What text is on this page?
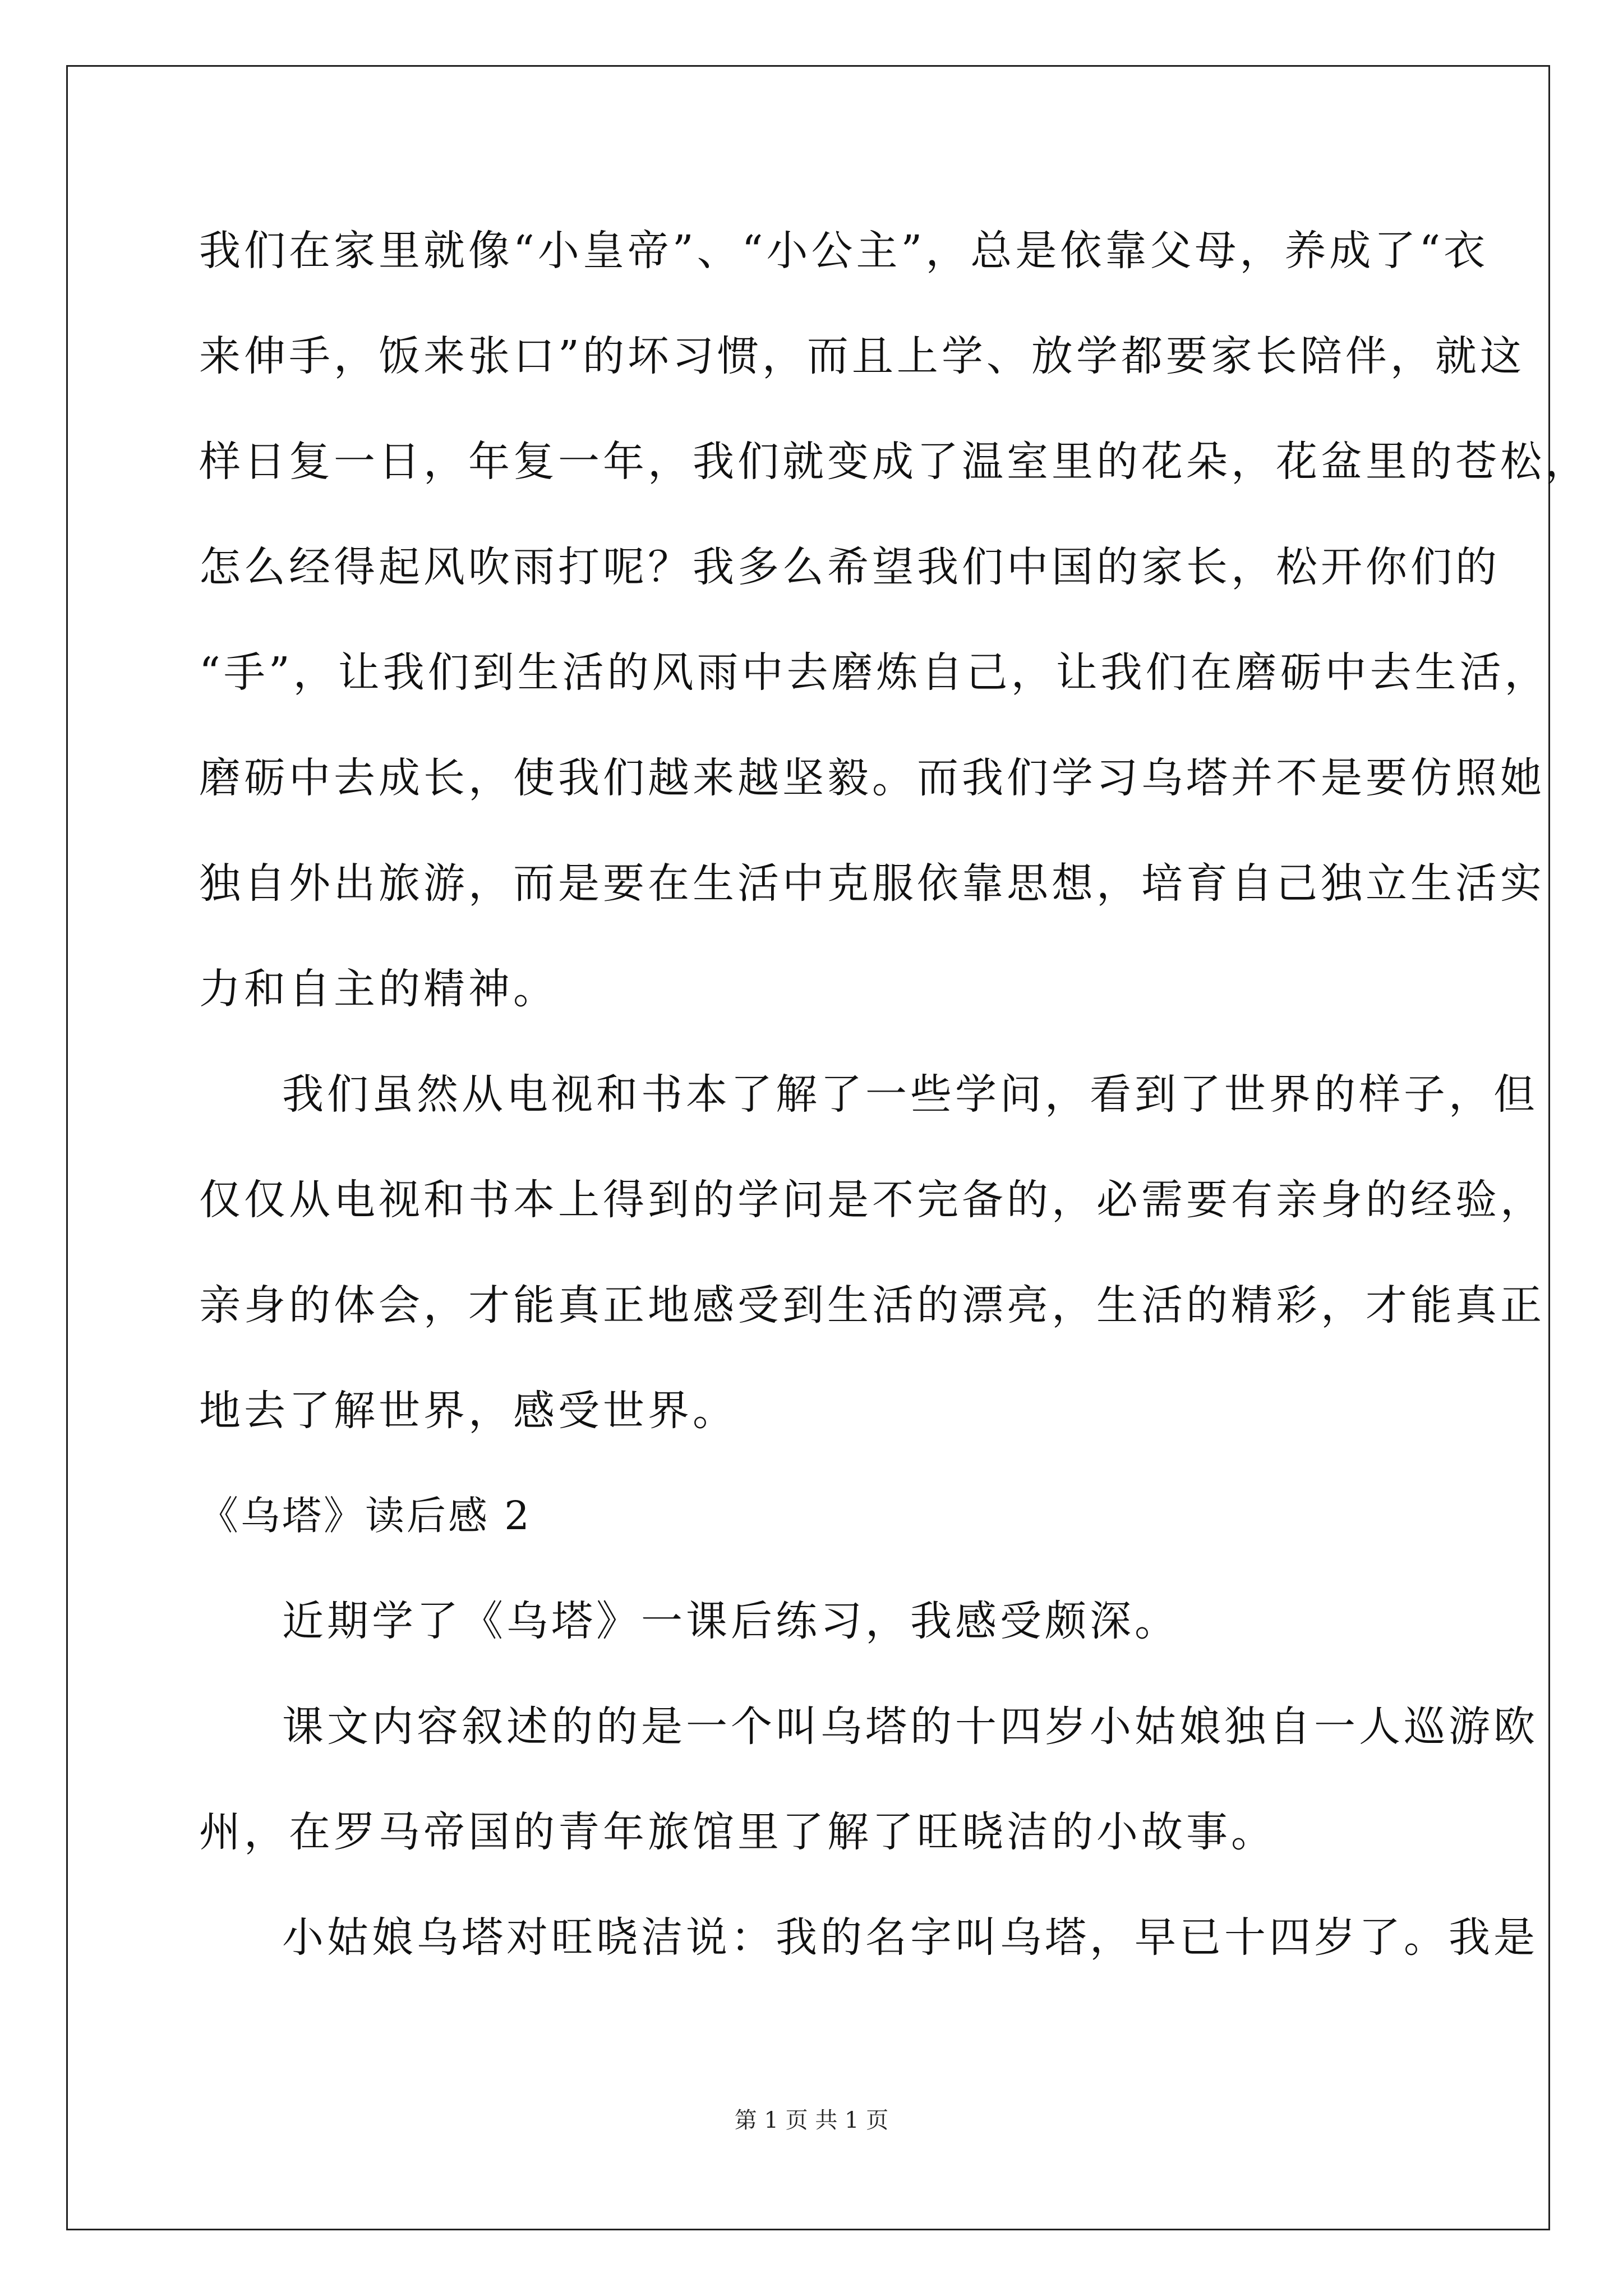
我们在家里就像“小皇帝”、“小公主”，总是依靠父母，养成了“衣
来伸手，饭来张口”的坏习惯，而且上学、放学都要家长陪伴，就这
样日复一日，年复一年，我们就变成了温室里的花朵，花盆里的苍松，
怎么经得起风吹雨打呢？我多么希望我们中国的家长，松开你们的
“手”，让我们到生活的风雨中去磨炼自己，让我们在磨砺中去生活，
磨砺中去成长，使我们越来越坚毅。而我们学习乌塔并不是要仿照她
独自外出旅游，而是要在生活中克服依靠思想，培育自己独立生活实
力和自主的精神。
我们虽然从电视和书本了解了一些学问，看到了世界的样子，但
仅仅从电视和书本上得到的学问是不完备的，必需要有亲身的经验，
亲身的体会，才能真正地感受到生活的漂亮，生活的精彩，才能真正
地去了解世界，感受世界。
《乌塔》读后感 2
近期学了《乌塔》一课后练习，我感受颇深。
课文内容叙述的的是一个叫乌塔的十四岁小姑娘独自一人巡游欧
州，在罗马帝国的青年旅馆里了解了旺晓洁的小故事。
小姑娘乌塔对旺晓洁说：我的名字叫乌塔，早已十四岁了。我是
第 1 页 共 1 页
